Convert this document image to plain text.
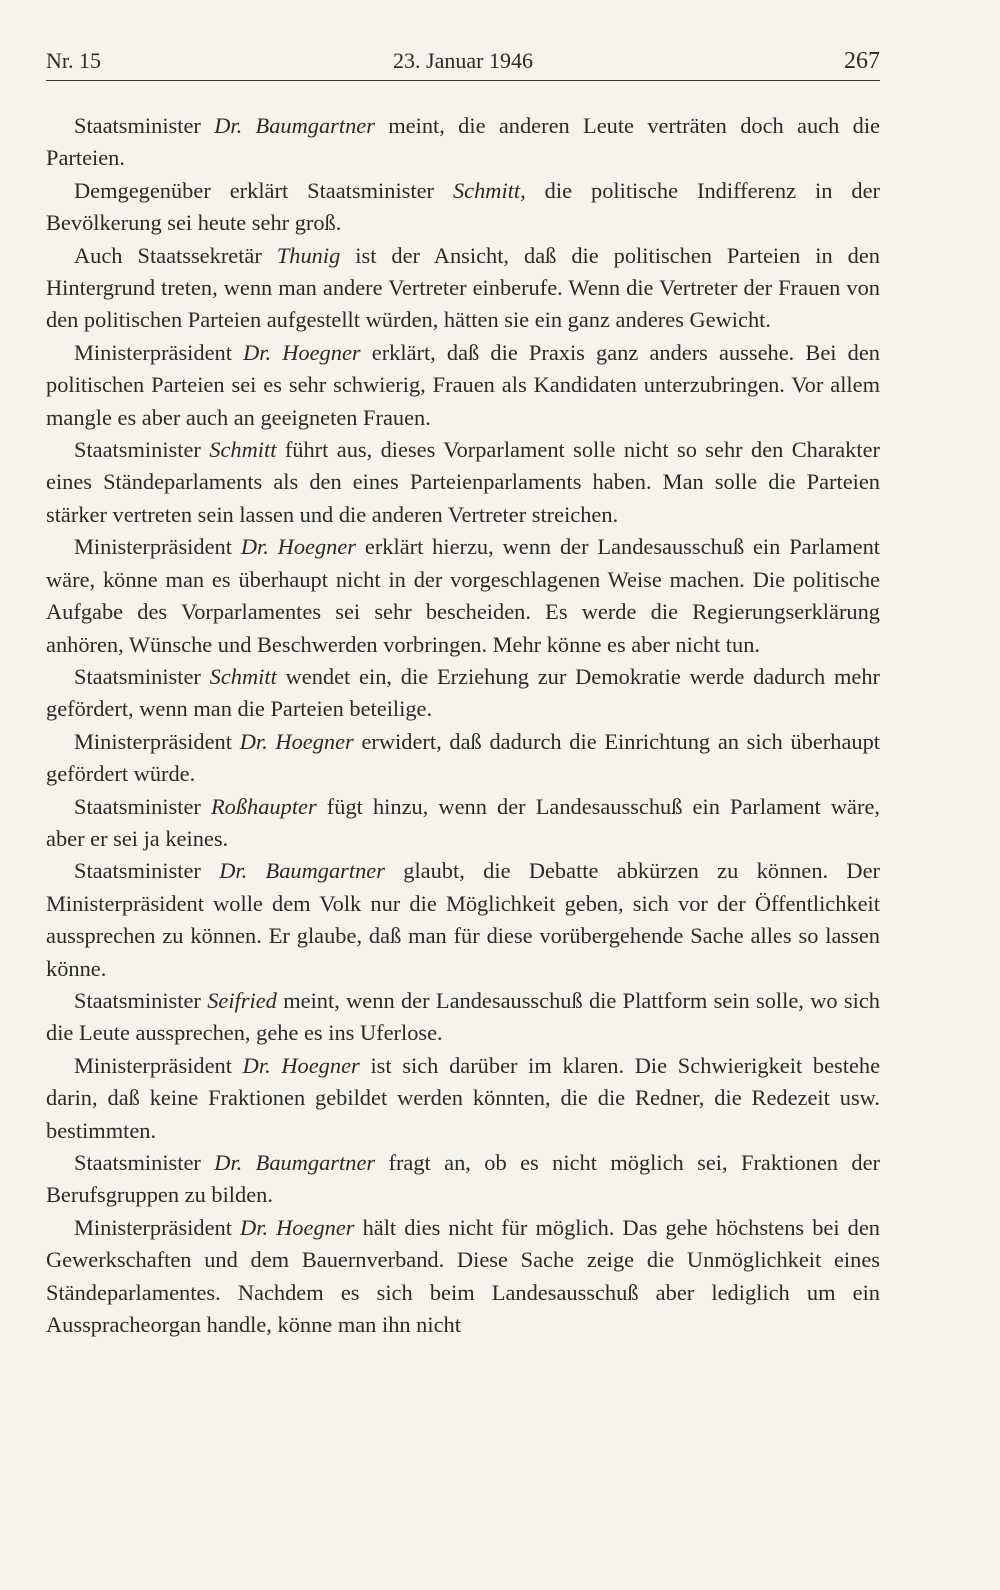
Nr. 15	23. Januar 1946	267

Staatsminister Dr. Baumgartner meint, die anderen Leute verträten doch auch die Parteien.

Demgegenüber erklärt Staatsminister Schmitt, die politische Indifferenz in der Bevölkerung sei heute sehr groß.

Auch Staatssekretär Thunig ist der Ansicht, daß die politischen Parteien in den Hintergrund treten, wenn man andere Vertreter einberufe. Wenn die Vertreter der Frauen von den politischen Parteien aufgestellt würden, hätten sie ein ganz anderes Gewicht.

Ministerpräsident Dr. Hoegner erklärt, daß die Praxis ganz anders aussehe. Bei den politischen Parteien sei es sehr schwierig, Frauen als Kandidaten unterzubringen. Vor allem mangle es aber auch an geeigneten Frauen.

Staatsminister Schmitt führt aus, dieses Vorparlament solle nicht so sehr den Charakter eines Ständeparlaments als den eines Parteienparlaments haben. Man solle die Parteien stärker vertreten sein lassen und die anderen Vertreter streichen.

Ministerpräsident Dr. Hoegner erklärt hierzu, wenn der Landesausschuß ein Parlament wäre, könne man es überhaupt nicht in der vorgeschlagenen Weise machen. Die politische Aufgabe des Vorparlamentes sei sehr bescheiden. Es werde die Regierungserklärung anhören, Wünsche und Beschwerden vorbringen. Mehr könne es aber nicht tun.

Staatsminister Schmitt wendet ein, die Erziehung zur Demokratie werde dadurch mehr gefördert, wenn man die Parteien beteilige.

Ministerpräsident Dr. Hoegner erwidert, daß dadurch die Einrichtung an sich überhaupt gefördert würde.

Staatsminister Roßhaupter fügt hinzu, wenn der Landesausschuß ein Parlament wäre, aber er sei ja keines.

Staatsminister Dr. Baumgartner glaubt, die Debatte abkürzen zu können. Der Ministerpräsident wolle dem Volk nur die Möglichkeit geben, sich vor der Öffentlichkeit aussprechen zu können. Er glaube, daß man für diese vorübergehende Sache alles so lassen könne.

Staatsminister Seifried meint, wenn der Landesausschuß die Plattform sein solle, wo sich die Leute aussprechen, gehe es ins Uferlose.

Ministerpräsident Dr. Hoegner ist sich darüber im klaren. Die Schwierigkeit bestehe darin, daß keine Fraktionen gebildet werden könnten, die die Redner, die Redezeit usw. bestimmten.

Staatsminister Dr. Baumgartner fragt an, ob es nicht möglich sei, Fraktionen der Berufsgruppen zu bilden.

Ministerpräsident Dr. Hoegner hält dies nicht für möglich. Das gehe höchstens bei den Gewerkschaften und dem Bauernverband. Diese Sache zeige die Unmöglichkeit eines Ständeparlamentes. Nachdem es sich beim Landesausschuß aber lediglich um ein Ausspracheorgan handle, könne man ihn nicht
